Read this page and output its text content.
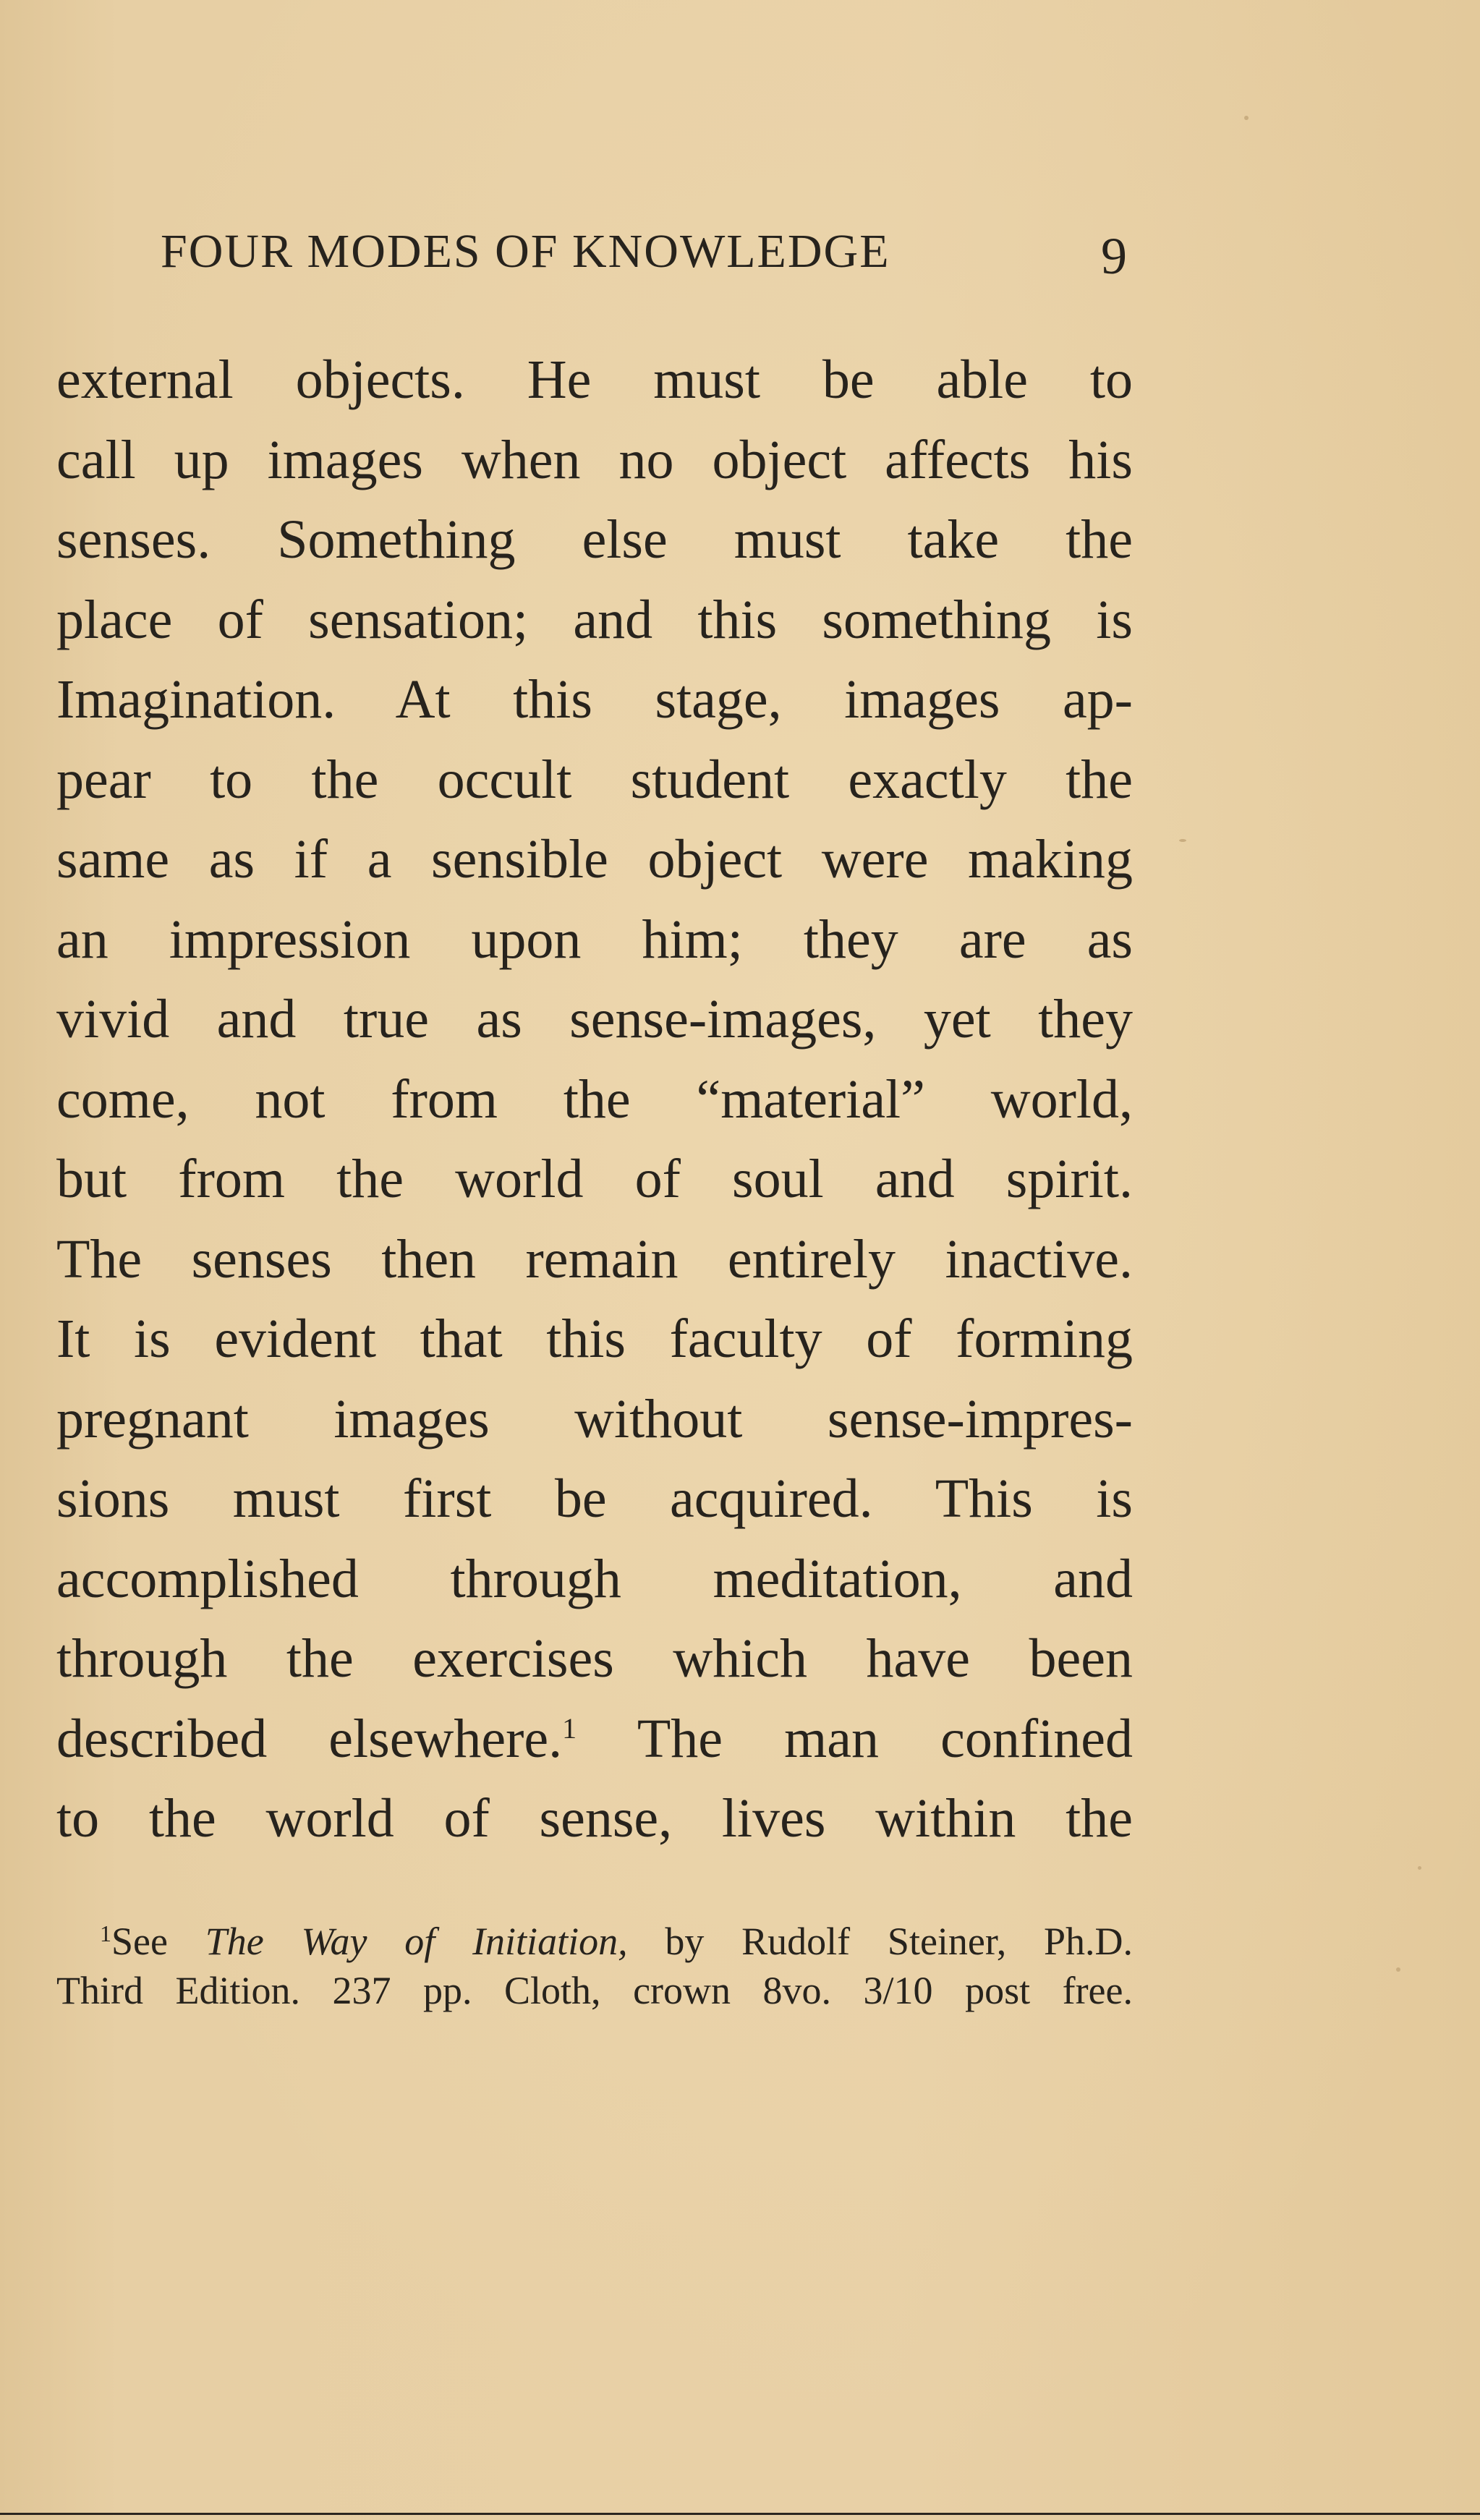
FOUR MODES OF KNOWLEDGE	9
external objects. He must be able to
call up images when no object affects his
senses. Something else must take the
place of sensation; and this something is
Imagination. At this stage, images ap-
pear to the occult student exactly the
same as if a sensible object were making
an impression upon him; they are as
vivid and true as sense-images, yet they
come, not from the “material” world,
but from the world of soul and spirit.
The senses then remain entirely inactive.
It is evident that this faculty of forming
pregnant images without sense-impres-
sions must first be acquired. This is
accomplished through meditation, and
through the exercises which have been
described elsewhere.$^1$ The man confined
to the world of sense, lives within the
$^1$See The Way of Initiation, by Rudolf Steiner, Ph.D.
Third Edition. 237 pp. Cloth, crown 8vo. 3/10 post free.
